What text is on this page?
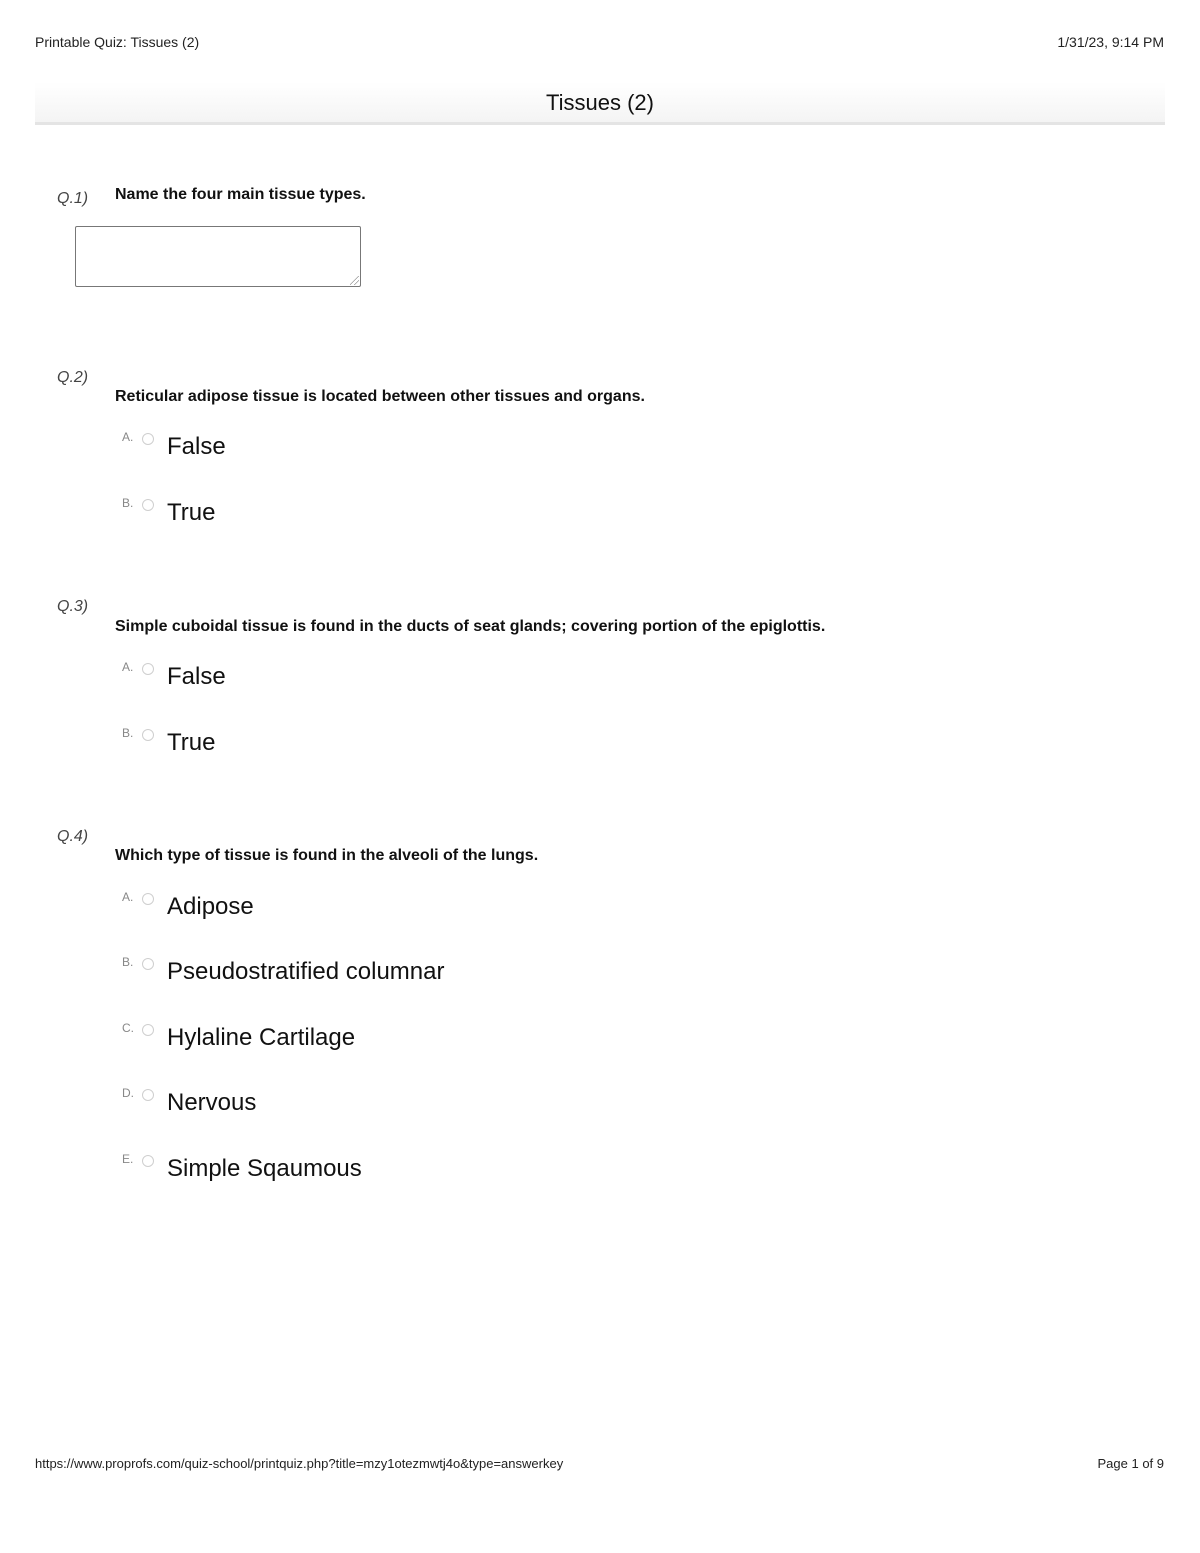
Printable Quiz: Tissues (2)	1/31/23, 9:14 PM
Tissues (2)
Q.1) Name the four main tissue types.
Q.2)
Reticular adipose tissue is located between other tissues and organs.
A. False
B. True
Q.3)
Simple cuboidal tissue is found in the ducts of seat glands; covering portion of the epiglottis.
A. False
B. True
Q.4)
Which type of tissue is found in the alveoli of the lungs.
A. Adipose
B. Pseudostratified columnar
C. Hylaline Cartilage
D. Nervous
E. Simple Sqaumous
https://www.proprofs.com/quiz-school/printquiz.php?title=mzy1otezmwtj4o&type=answerkey	Page 1 of 9
